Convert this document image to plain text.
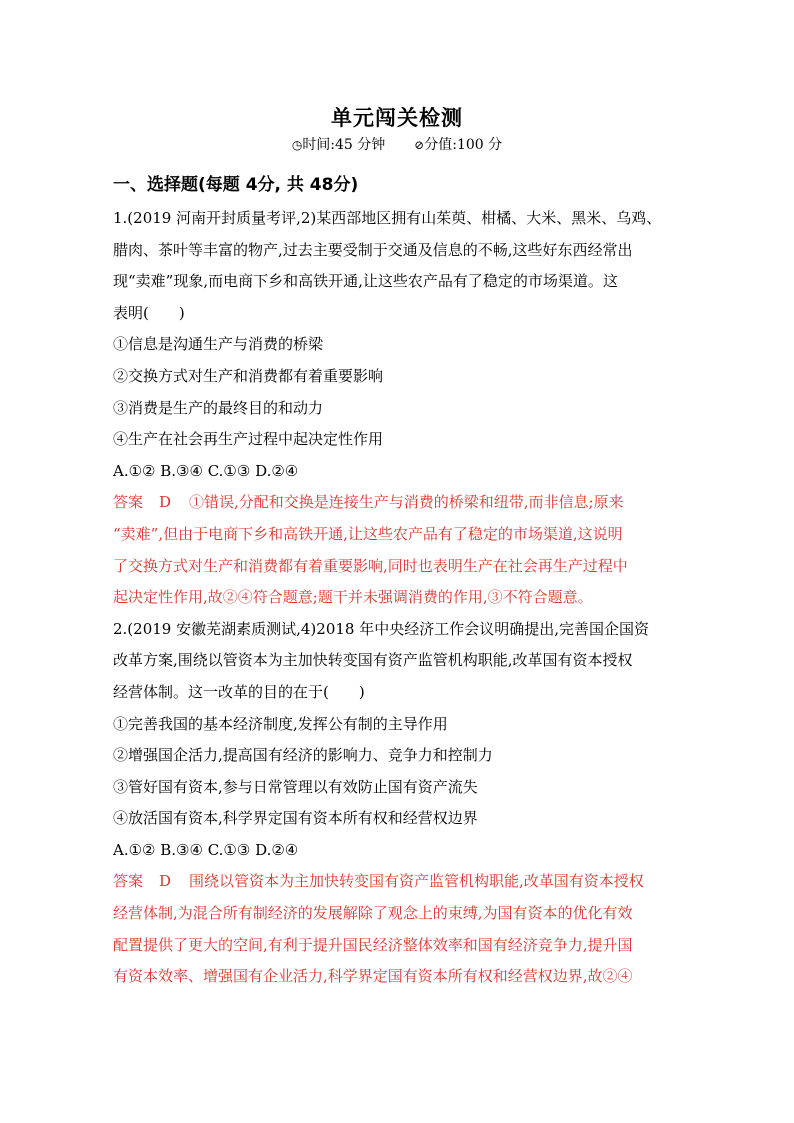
单元闯关检测
◷时间:45 分钟 ⊘分值:100 分
一、选择题(每题 4分, 共 48分)
1.(2019 河南开封质量考评,2)某西部地区拥有山茱萸、柑橘、大米、黑米、乌鸡、
腊肉、茶叶等丰富的物产,过去主要受制于交通及信息的不畅,这些好东西经常出
现“卖难”现象,而电商下乡和高铁开通,让这些农产品有了稳定的市场渠道。这
表明(　　)
①信息是沟通生产与消费的桥梁
②交换方式对生产和消费都有着重要影响
③消费是生产的最终目的和动力
④生产在社会再生产过程中起决定性作用
A.①② B.③④ C.①③ D.②④
答案 D ①错误,分配和交换是连接生产与消费的桥梁和纽带,而非信息;原来
“卖难”,但由于电商下乡和高铁开通,让这些农产品有了稳定的市场渠道,这说明
了交换方式对生产和消费都有着重要影响,同时也表明生产在社会再生产过程中
起决定性作用,故②④符合题意;题干并未强调消费的作用,③不符合题意。
2.(2019 安徽芜湖素质测试,4)2018 年中央经济工作会议明确提出,完善国企国资
改革方案,围绕以管资本为主加快转变国有资产监管机构职能,改革国有资本授权
经营体制。这一改革的目的在于(　　)
①完善我国的基本经济制度,发挥公有制的主导作用
②增强国企活力,提高国有经济的影响力、竞争力和控制力
③管好国有资本,参与日常管理以有效防止国有资产流失
④放活国有资本,科学界定国有资本所有权和经营权边界
A.①② B.③④ C.①③ D.②④
答案 D 围绕以管资本为主加快转变国有资产监管机构职能,改革国有资本授权
经营体制,为混合所有制经济的发展解除了观念上的束缚,为国有资本的优化有效
配置提供了更大的空间,有利于提升国民经济整体效率和国有经济竞争力,提升国
有资本效率、增强国有企业活力,科学界定国有资本所有权和经营权边界,故②④
